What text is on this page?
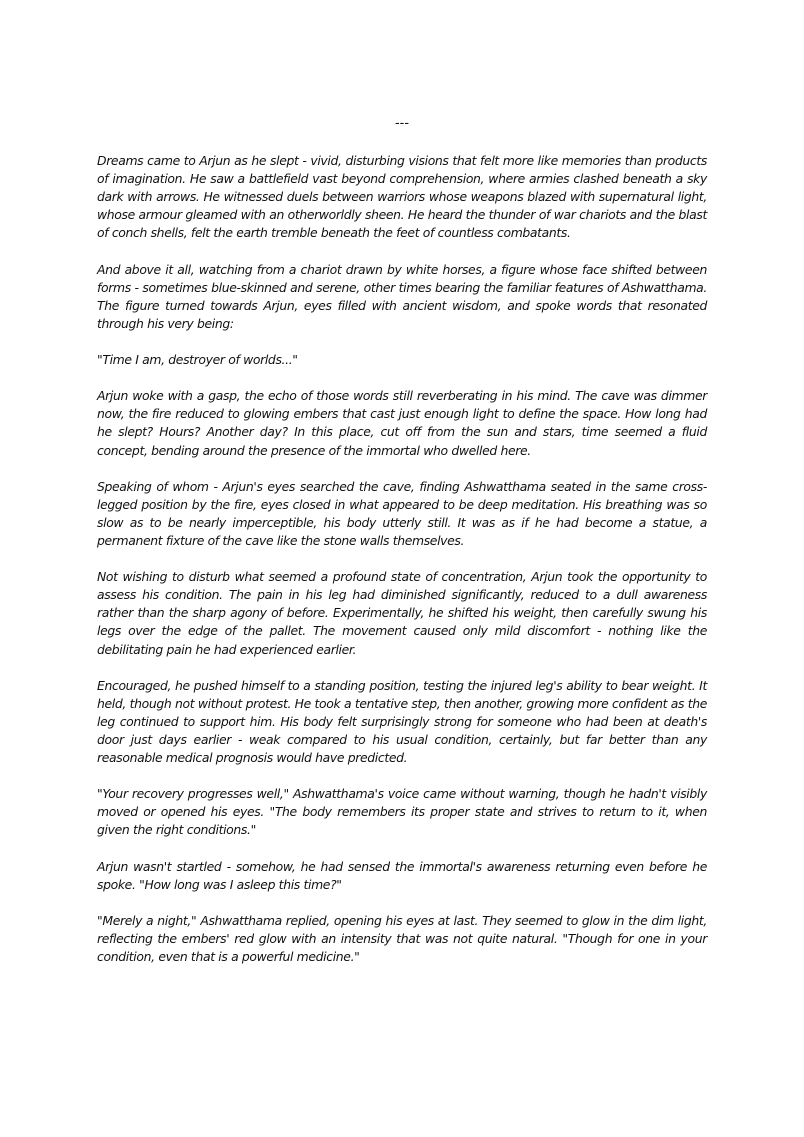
---

Dreams came to Arjun as he slept - vivid, disturbing visions that felt more like memories than products of imagination. He saw a battlefield vast beyond comprehension, where armies clashed beneath a sky dark with arrows. He witnessed duels between warriors whose weapons blazed with supernatural light, whose armour gleamed with an otherworldly sheen. He heard the thunder of war chariots and the blast of conch shells, felt the earth tremble beneath the feet of countless combatants.

And above it all, watching from a chariot drawn by white horses, a figure whose face shifted between forms - sometimes blue-skinned and serene, other times bearing the familiar features of Ashwatthama. The figure turned towards Arjun, eyes filled with ancient wisdom, and spoke words that resonated through his very being:

"Time I am, destroyer of worlds..."

Arjun woke with a gasp, the echo of those words still reverberating in his mind. The cave was dimmer now, the fire reduced to glowing embers that cast just enough light to define the space. How long had he slept? Hours? Another day? In this place, cut off from the sun and stars, time seemed a fluid concept, bending around the presence of the immortal who dwelled here.

Speaking of whom - Arjun's eyes searched the cave, finding Ashwatthama seated in the same cross-legged position by the fire, eyes closed in what appeared to be deep meditation. His breathing was so slow as to be nearly imperceptible, his body utterly still. It was as if he had become a statue, a permanent fixture of the cave like the stone walls themselves.

Not wishing to disturb what seemed a profound state of concentration, Arjun took the opportunity to assess his condition. The pain in his leg had diminished significantly, reduced to a dull awareness rather than the sharp agony of before. Experimentally, he shifted his weight, then carefully swung his legs over the edge of the pallet. The movement caused only mild discomfort - nothing like the debilitating pain he had experienced earlier.

Encouraged, he pushed himself to a standing position, testing the injured leg's ability to bear weight. It held, though not without protest. He took a tentative step, then another, growing more confident as the leg continued to support him. His body felt surprisingly strong for someone who had been at death's door just days earlier - weak compared to his usual condition, certainly, but far better than any reasonable medical prognosis would have predicted.

"Your recovery progresses well," Ashwatthama's voice came without warning, though he hadn't visibly moved or opened his eyes. "The body remembers its proper state and strives to return to it, when given the right conditions."

Arjun wasn't startled - somehow, he had sensed the immortal's awareness returning even before he spoke. "How long was I asleep this time?"

"Merely a night," Ashwatthama replied, opening his eyes at last. They seemed to glow in the dim light, reflecting the embers' red glow with an intensity that was not quite natural. "Though for one in your condition, even that is a powerful medicine."
